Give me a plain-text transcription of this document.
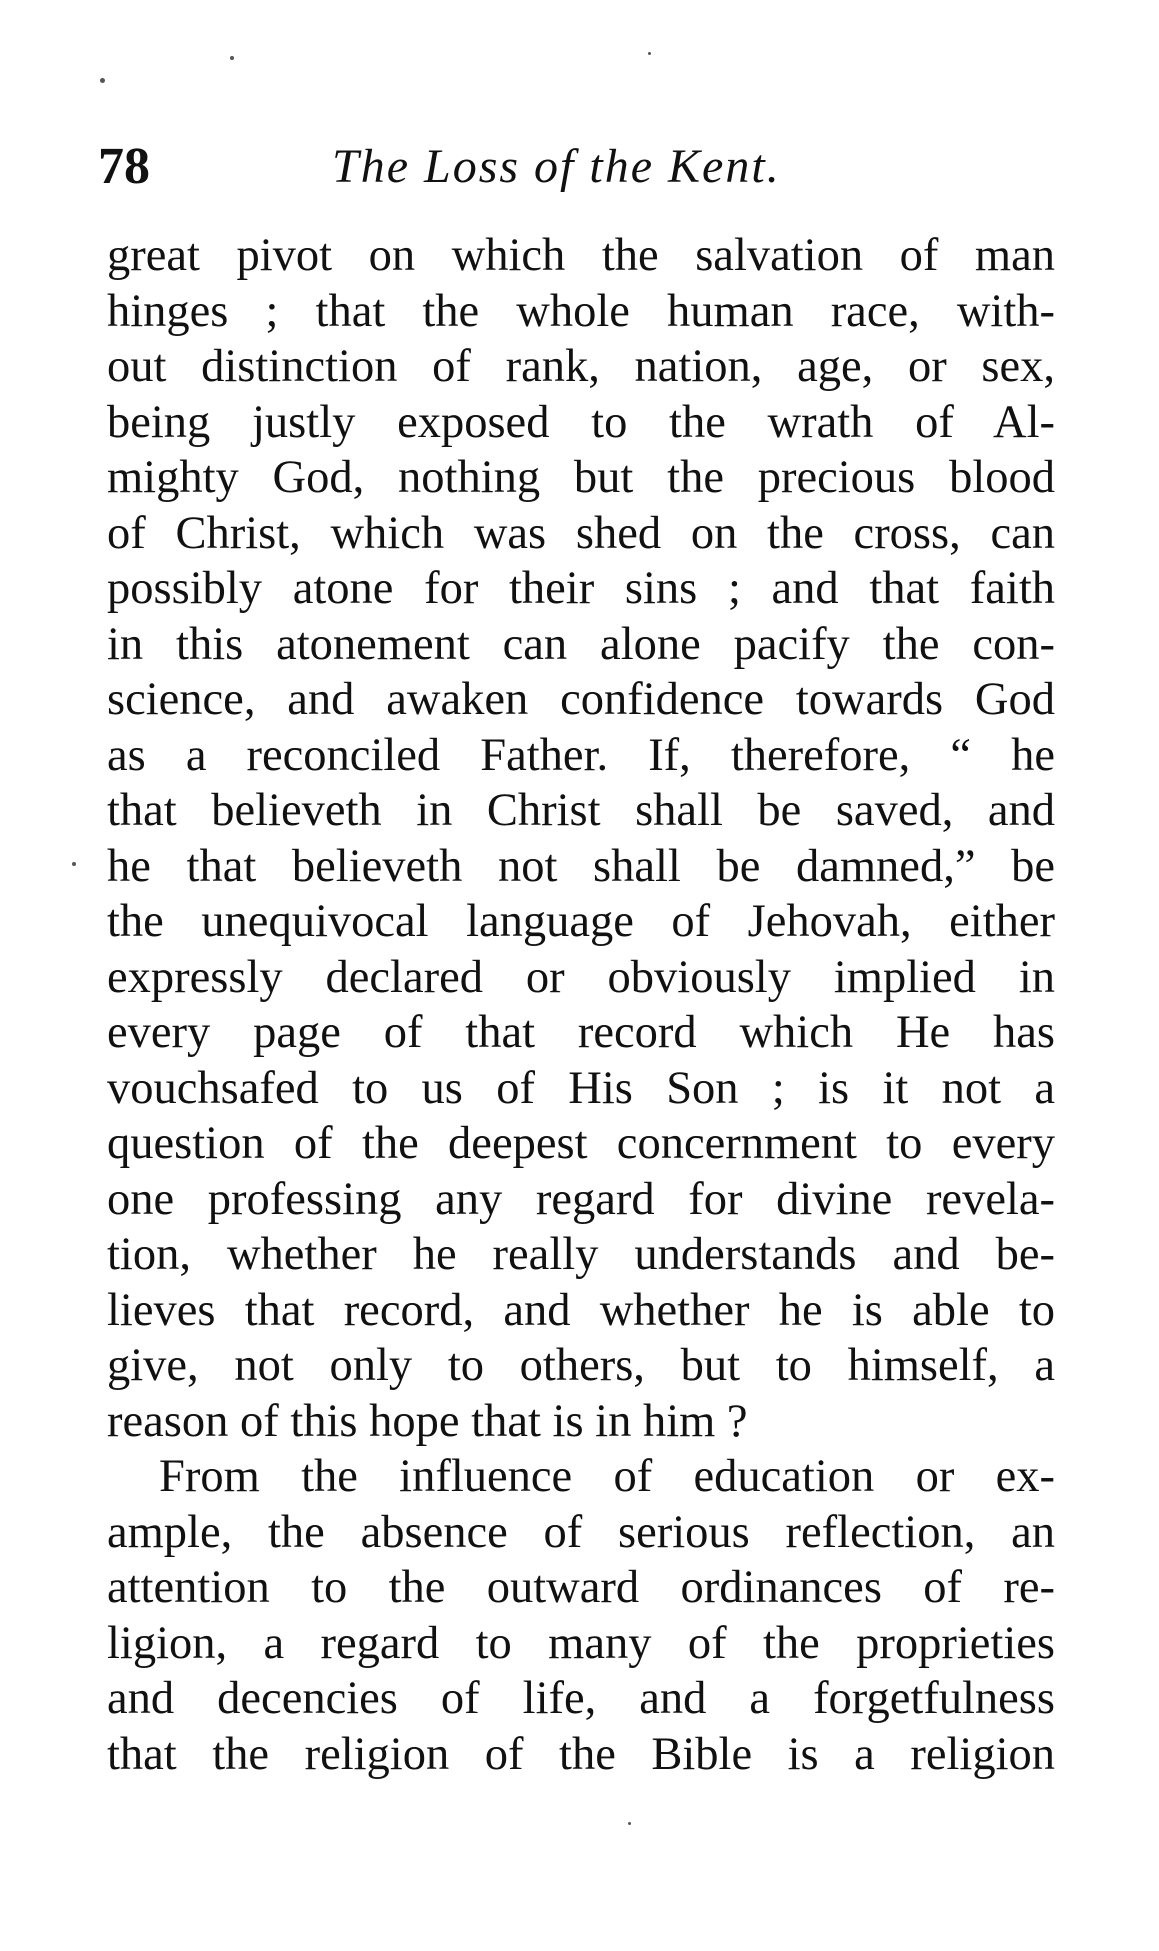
78	The Loss of the Kent.
great pivot on which the salvation of man
hinges ; that the whole human race, with-
out distinction of rank, nation, age, or sex,
being justly exposed to the wrath of Al-
mighty God, nothing but the precious blood
of Christ, which was shed on the cross, can
possibly atone for their sins ; and that faith
in this atonement can alone pacify the con-
science, and awaken confidence towards God
as a reconciled Father. If, therefore, “ he
that believeth in Christ shall be saved, and
he that believeth not shall be damned,” be
the unequivocal language of Jehovah, either
expressly declared or obviously implied in
every page of that record which He has
vouchsafed to us of His Son ; is it not a
question of the deepest concernment to every
one professing any regard for divine revela-
tion, whether he really understands and be-
lieves that record, and whether he is able to
give, not only to others, but to himself, a
reason of this hope that is in him ?
From the influence of education or ex-
ample, the absence of serious reflection, an
attention to the outward ordinances of re-
ligion, a regard to many of the proprieties
and decencies of life, and a forgetfulness
that the religion of the Bible is a religion
